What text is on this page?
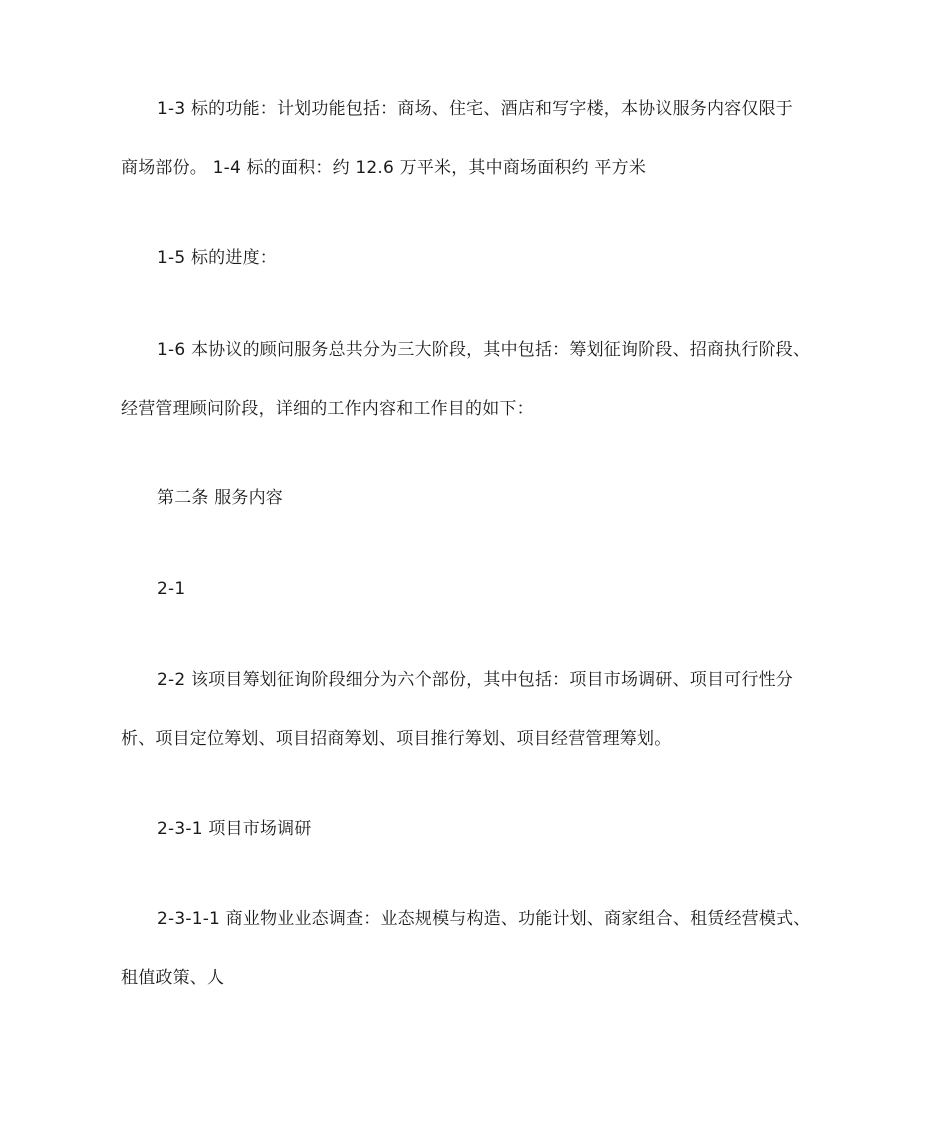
1-3 标的功能：计划功能包括：商场、住宅、酒店和写字楼，本协议服务内容仅限于
商场部份。 1-4 标的面积：约 12.6 万平米，其中商场面积约 平方米
1-5 标的进度：
1-6 本协议的顾问服务总共分为三大阶段，其中包括：筹划征询阶段、招商执行阶段、
经营管理顾问阶段，详细的工作内容和工作目的如下：
第二条 服务内容
2-1
2-2 该项目筹划征询阶段细分为六个部份，其中包括：项目市场调研、项目可行性分
析、项目定位筹划、项目招商筹划、项目推行筹划、项目经营管理筹划。
2-3-1 项目市场调研
2-3-1-1 商业物业业态调查：业态规模与构造、功能计划、商家组合、租赁经营模式、
租值政策、人
